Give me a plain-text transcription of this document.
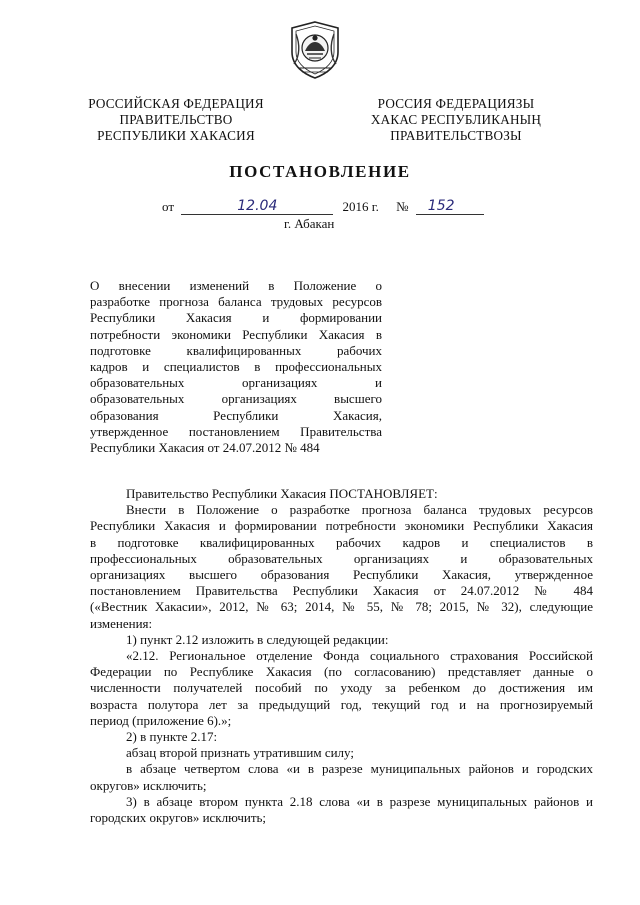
РОССИЙСКАЯ ФЕДЕРАЦИЯ
ПРАВИТЕЛЬСТВО
РЕСПУБЛИКИ ХАКАСИЯ
РОССИЯ ФЕДЕРАЦИЯЗЫ
ХАКАС РЕСПУБЛИКАНЫҢ
ПРАВИТЕЛЬСТВОЗЫ
ПОСТАНОВЛЕНИЕ
от	12.04	2016 г. № 152
г. Абакан
О внесении изменений в Положение о
разработке прогноза баланса трудовых ресурсов
Республики Хакасия и формировании
потребности экономики Республики Хакасия в
подготовке квалифицированных рабочих
кадров и специалистов в профессиональных
образовательных организациях и
образовательных организациях высшего
образования Республики Хакасия,
утвержденное постановлением Правительства
Республики Хакасия от 24.07.2012 № 484
Правительство Республики Хакасия ПОСТАНОВЛЯЕТ:
Внести в Положение о разработке прогноза баланса трудовых ресурсов
Республики Хакасия и формировании потребности экономики Республики Хакасия
в подготовке квалифицированных рабочих кадров и специалистов в
профессиональных образовательных организациях и образовательных
организациях высшего образования Республики Хакасия, утвержденное
постановлением Правительства Республики Хакасия от 24.07.2012 № 484
(«Вестник Хакасии», 2012, № 63; 2014, № 55, № 78; 2015, № 32), следующие
изменения:
1) пункт 2.12 изложить в следующей редакции:
«2.12. Региональное отделение Фонда социального страхования Российской
Федерации по Республике Хакасия (по согласованию) представляет данные о
численности получателей пособий по уходу за ребенком до достижения им
возраста полутора лет за предыдущий год, текущий год и на прогнозируемый
период (приложение 6).»;
2) в пункте 2.17:
абзац второй признать утратившим силу;
в абзаце четвертом слова «и в разрезе муниципальных районов и городских
округов» исключить;
3) в абзаце втором пункта 2.18 слова «и в разрезе муниципальных районов и
городских округов» исключить;
